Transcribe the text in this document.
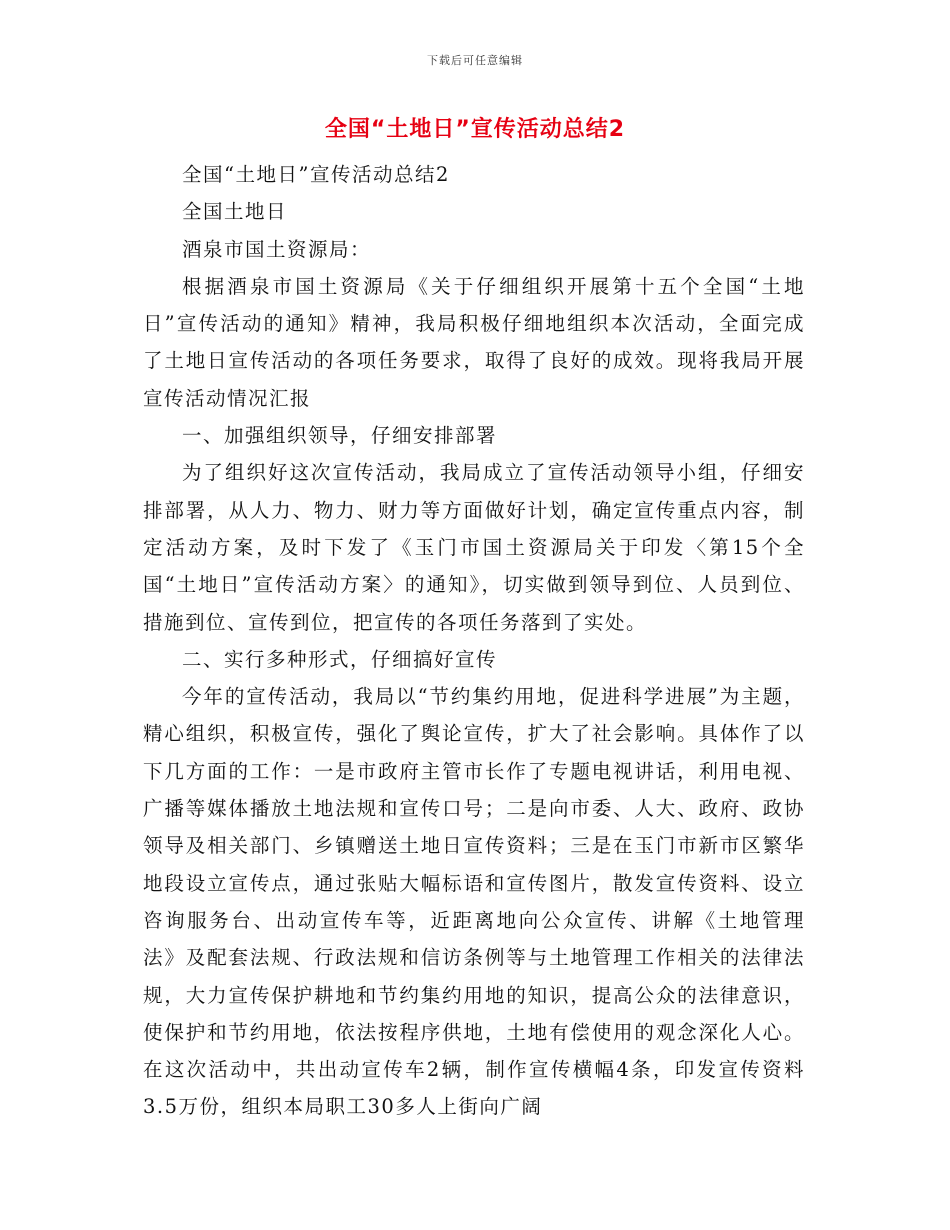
下载后可任意编辑
全国“土地日”宣传活动总结2

全国“土地日”宣传活动总结2

全国土地日

酒泉市国土资源局：

根据酒泉市国土资源局《关于仔细组织开展第十五个全国“土地日”宣传活动的通知》精神，我局积极仔细地组织本次活动，全面完成了土地日宣传活动的各项任务要求，取得了良好的成效。现将我局开展宣传活动情况汇报

一、加强组织领导，仔细安排部署

为了组织好这次宣传活动，我局成立了宣传活动领导小组，仔细安排部署，从人力、物力、财力等方面做好计划，确定宣传重点内容，制定活动方案，及时下发了《玉门市国土资源局关于印发〈第15个全国“土地日”宣传活动方案〉的通知》，切实做到领导到位、人员到位、措施到位、宣传到位，把宣传的各项任务落到了实处。

二、实行多种形式，仔细搞好宣传

今年的宣传活动，我局以“节约集约用地，促进科学进展”为主题，精心组织，积极宣传，强化了舆论宣传，扩大了社会影响。具体作了以下几方面的工作：一是市政府主管市长作了专题电视讲话，利用电视、广播等媒体播放土地法规和宣传口号；二是向市委、人大、政府、政协领导及相关部门、乡镇赠送土地日宣传资料；三是在玉门市新市区繁华地段设立宣传点，通过张贴大幅标语和宣传图片，散发宣传资料、设立咨询服务台、出动宣传车等，近距离地向公众宣传、讲解《土地管理法》及配套法规、行政法规和信访条例等与土地管理工作相关的法律法规，大力宣传保护耕地和节约集约用地的知识，提高公众的法律意识，使保护和节约用地，依法按程序供地，土地有偿使用的观念深化人心。在这次活动中，共出动宣传车2辆，制作宣传横幅4条，印发宣传资料3.5万份，组织本局职工30多人上街向广阔
